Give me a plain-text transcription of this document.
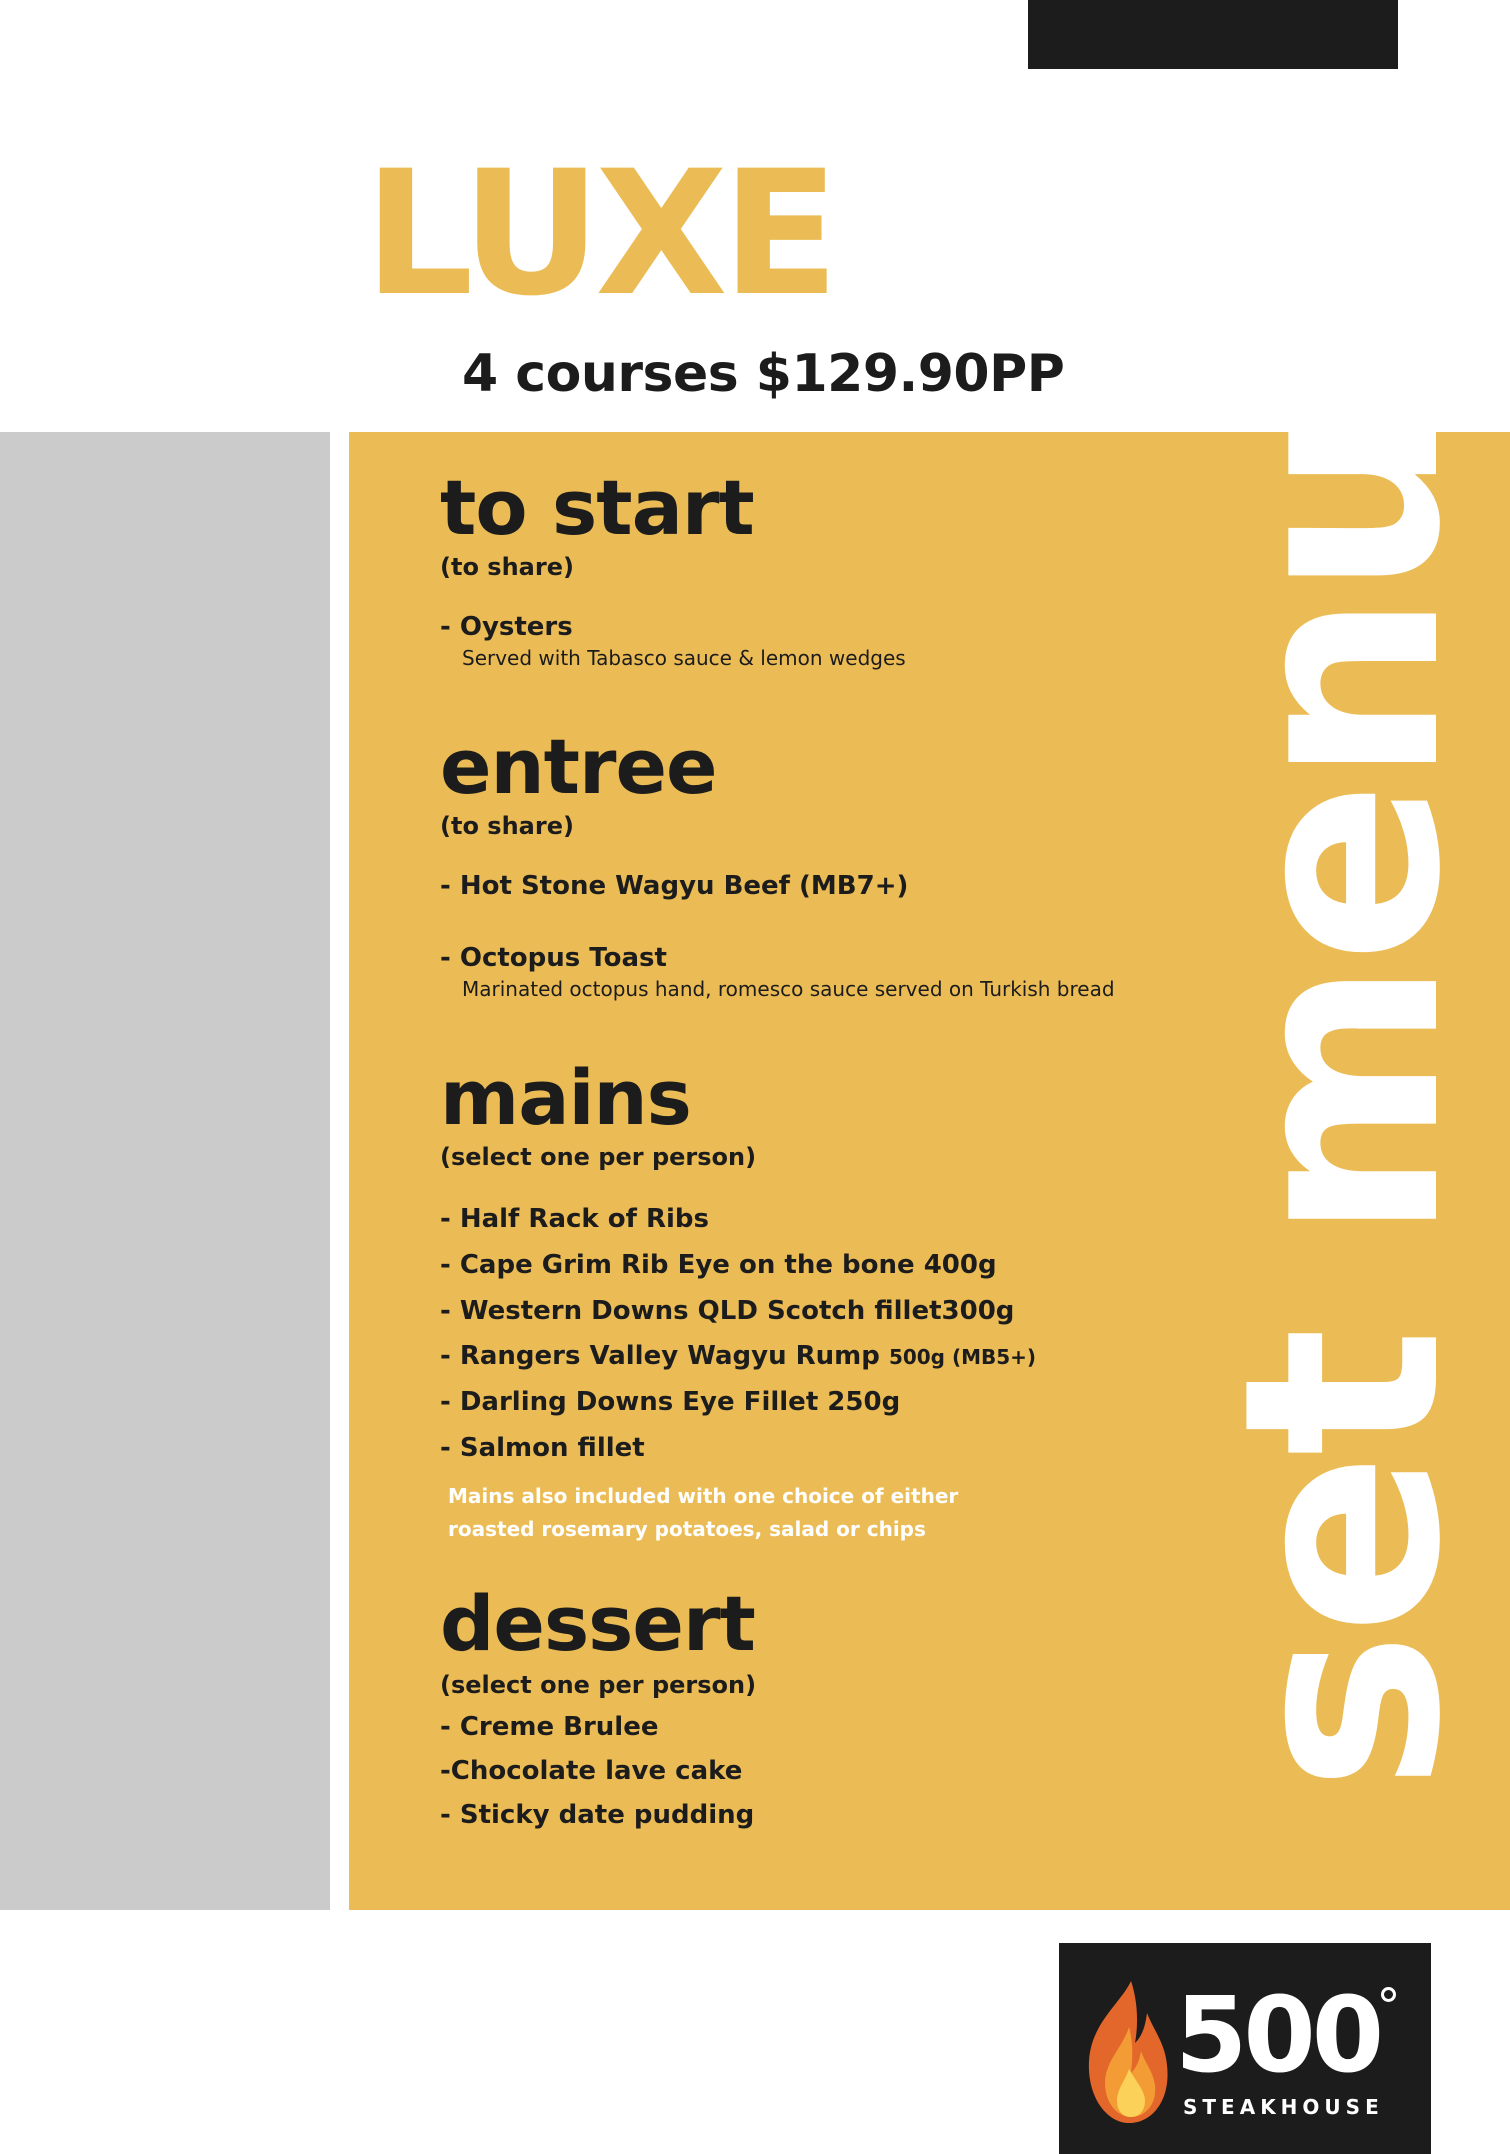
LUXE
4 courses $129.90PP
set menu
to start

(to share)

- Oysters

Served with Tabasco sauce & lemon wedges

entree

(to share)

- Hot Stone Wagyu Beef (MB7+)

- Octopus Toast

Marinated octopus hand, romesco sauce served on Turkish bread

mains

(select one per person)

- Half Rack of Ribs

- Cape Grim Rib Eye on the bone 400g

- Western Downs QLD Scotch fillet300g

- Rangers Valley Wagyu Rump 500g (MB5+)

- Darling Downs Eye Fillet 250g

- Salmon fillet

Mains also included with one choice of either

roasted rosemary potatoes, salad or chips

dessert

(select one per person)

- Creme Brulee

-Chocolate lave cake

- Sticky date pudding

500
STEAKHOUSE
